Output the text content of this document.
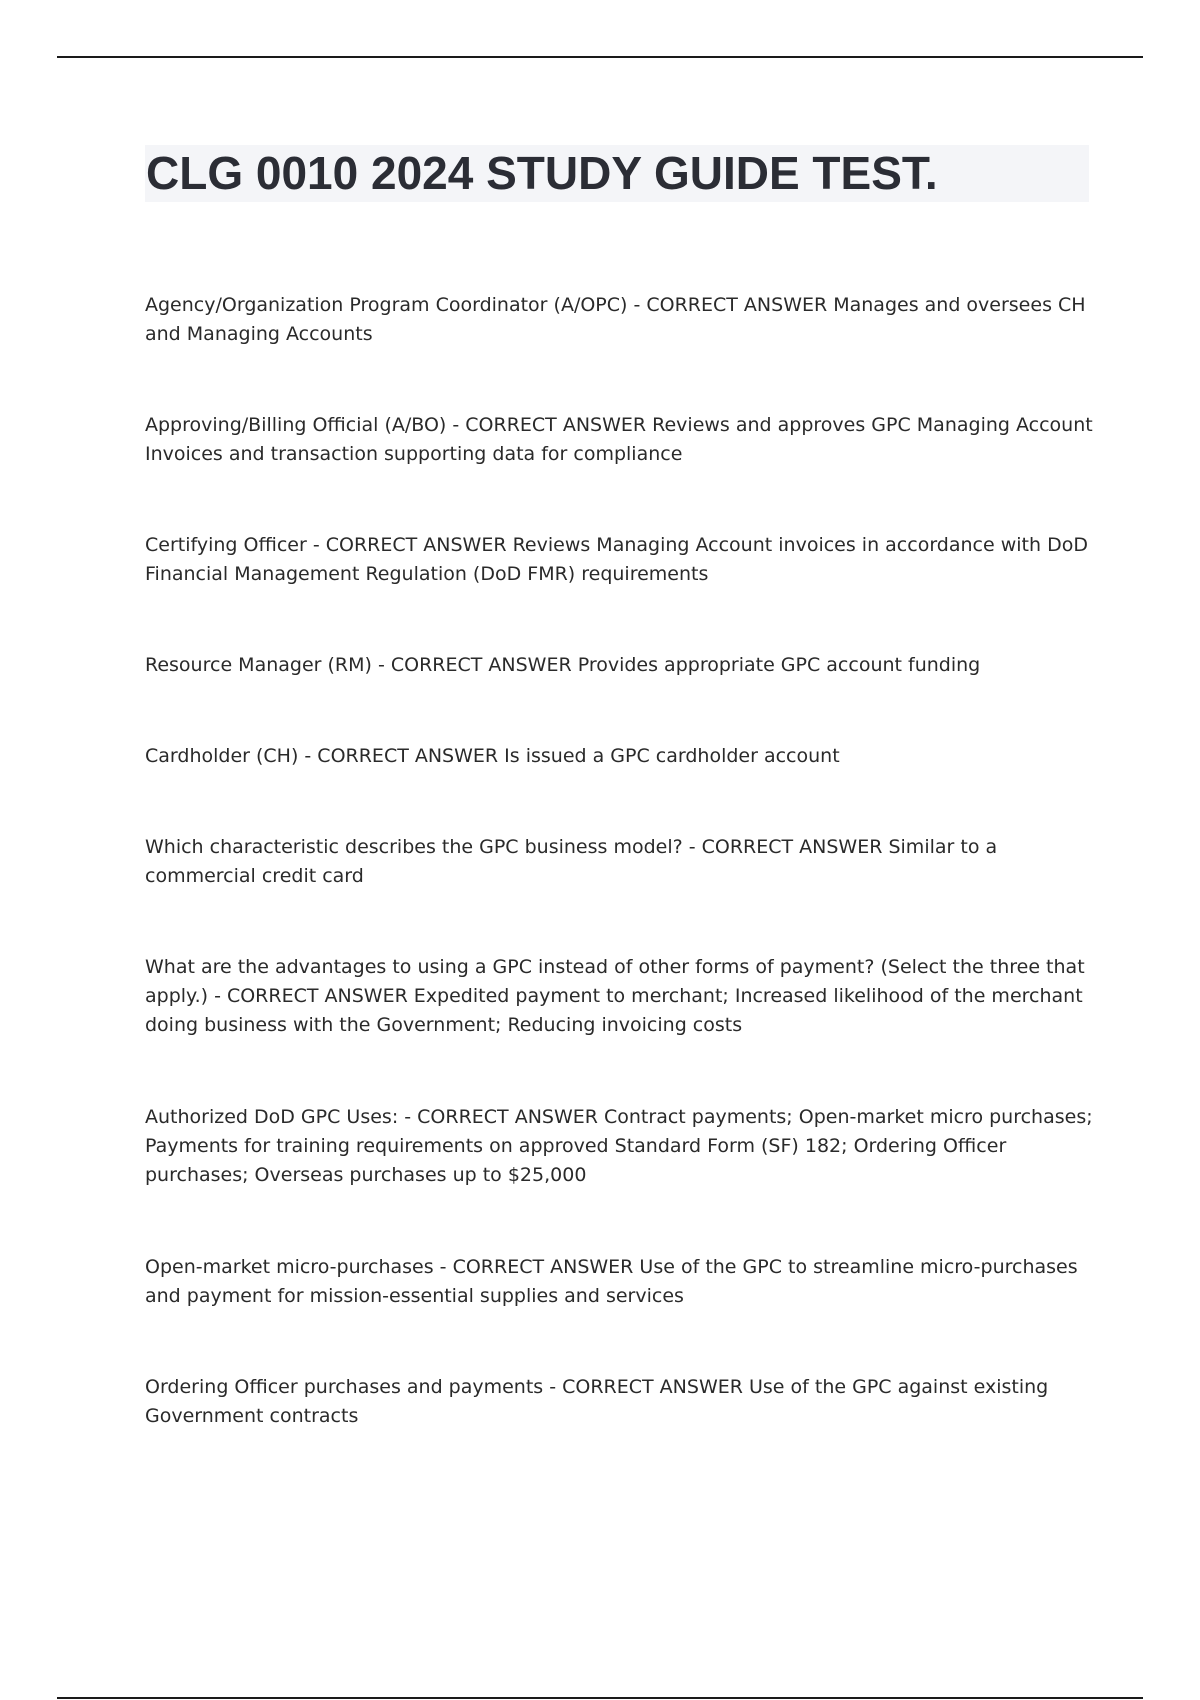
CLG 0010 2024 STUDY GUIDE TEST.

Agency/Organization Program Coordinator (A/OPC) - CORRECT ANSWER Manages and oversees CH and Managing Accounts

Approving/Billing Official (A/BO) - CORRECT ANSWER Reviews and approves GPC Managing Account Invoices and transaction supporting data for compliance

Certifying Officer - CORRECT ANSWER Reviews Managing Account invoices in accordance with DoD Financial Management Regulation (DoD FMR) requirements

Resource Manager (RM) - CORRECT ANSWER Provides appropriate GPC account funding

Cardholder (CH) - CORRECT ANSWER Is issued a GPC cardholder account

Which characteristic describes the GPC business model? - CORRECT ANSWER Similar to a commercial credit card

What are the advantages to using a GPC instead of other forms of payment? (Select the three that apply.) - CORRECT ANSWER Expedited payment to merchant; Increased likelihood of the merchant doing business with the Government; Reducing invoicing costs

Authorized DoD GPC Uses: - CORRECT ANSWER Contract payments; Open-market micro purchases; Payments for training requirements on approved Standard Form (SF) 182; Ordering Officer purchases; Overseas purchases up to $25,000

Open-market micro-purchases - CORRECT ANSWER Use of the GPC to streamline micro-purchases and payment for mission-essential supplies and services

Ordering Officer purchases and payments - CORRECT ANSWER Use of the GPC against existing Government contracts
